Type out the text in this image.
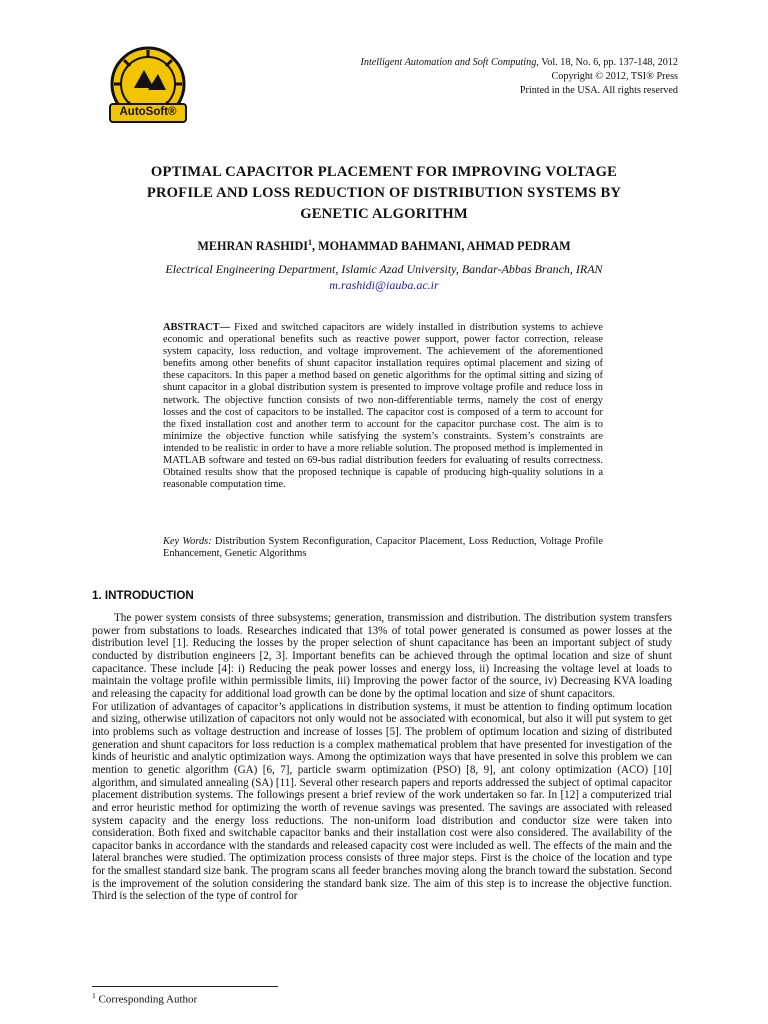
AutoSoft®
Intelligent Automation and Soft Computing, Vol. 18, No. 6, pp. 137-148, 2012
Copyright © 2012, TSI® Press
Printed in the USA. All rights reserved
OPTIMAL CAPACITOR PLACEMENT FOR IMPROVING VOLTAGE PROFILE AND LOSS REDUCTION OF DISTRIBUTION SYSTEMS BY GENETIC ALGORITHM
MEHRAN RASHIDI$^1$, MOHAMMAD BAHMANI, AHMAD PEDRAM
Electrical Engineering Department, Islamic Azad University, Bandar-Abbas Branch, IRAN
m.rashidi@iauba.ac.ir
ABSTRACT— Fixed and switched capacitors are widely installed in distribution systems to achieve economic and operational benefits such as reactive power support, power factor correction, release system capacity, loss reduction, and voltage improvement. The achievement of the aforementioned benefits among other benefits of shunt capacitor installation requires optimal placement and sizing of these capacitors. In this paper a method based on genetic algorithms for the optimal sitting and sizing of shunt capacitor in a global distribution system is presented to improve voltage profile and reduce loss in network. The objective function consists of two non-differentiable terms, namely the cost of energy losses and the cost of capacitors to be installed. The capacitor cost is composed of a term to account for the fixed installation cost and another term to account for the capacitor purchase cost. The aim is to minimize the objective function while satisfying the system’s constraints. System’s constraints are intended to be realistic in order to have a more reliable solution. The proposed method is implemented in MATLAB software and tested on 69-bus radial distribution feeders for evaluating of results correctness. Obtained results show that the proposed technique is capable of producing high-quality solutions in a reasonable computation time.
Key Words: Distribution System Reconfiguration, Capacitor Placement, Loss Reduction, Voltage Profile Enhancement, Genetic Algorithms
1. INTRODUCTION

The power system consists of three subsystems; generation, transmission and distribution. The distribution system transfers power from substations to loads. Researches indicated that 13% of total power generated is consumed as power losses at the distribution level [1]. Reducing the losses by the proper selection of shunt capacitance has been an important subject of study conducted by distribution engineers [2, 3]. Important benefits can be achieved through the optimal location and size of shunt capacitance. These include [4]: i) Reducing the peak power losses and energy loss, ii) Increasing the voltage level at loads to maintain the voltage profile within permissible limits, iii) Improving the power factor of the source, iv) Decreasing KVA loading and releasing the capacity for additional load growth can be done by the optimal location and size of shunt capacitors.

For utilization of advantages of capacitor’s applications in distribution systems, it must be attention to finding optimum location and sizing, otherwise utilization of capacitors not only would not be associated with economical, but also it will put system to get into problems such as voltage destruction and increase of losses [5]. The problem of optimum location and sizing of distributed generation and shunt capacitors for loss reduction is a complex mathematical problem that have presented for investigation of the kinds of heuristic and analytic optimization ways. Among the optimization ways that have presented in solve this problem we can mention to genetic algorithm (GA) [6, 7], particle swarm optimization (PSO) [8, 9], ant colony optimization (ACO) [10] algorithm, and simulated annealing (SA) [11]. Several other research papers and reports addressed the subject of optimal capacitor placement distribution systems. The followings present a brief review of the work undertaken so far. In [12] a computerized trial and error heuristic method for optimizing the worth of revenue savings was presented. The savings are associated with released system capacity and the energy loss reductions. The non-uniform load distribution and conductor size were taken into consideration. Both fixed and switchable capacitor banks and their installation cost were also considered. The availability of the capacitor banks in accordance with the standards and released capacity cost were included as well. The effects of the main and the lateral branches were studied. The optimization process consists of three major steps. First is the choice of the location and type for the smallest standard size bank. The program scans all feeder branches moving along the branch toward the substation. Second is the improvement of the solution considering the standard bank size. The aim of this step is to increase the objective function. Third is the selection of the type of control for

$^1$ Corresponding Author
